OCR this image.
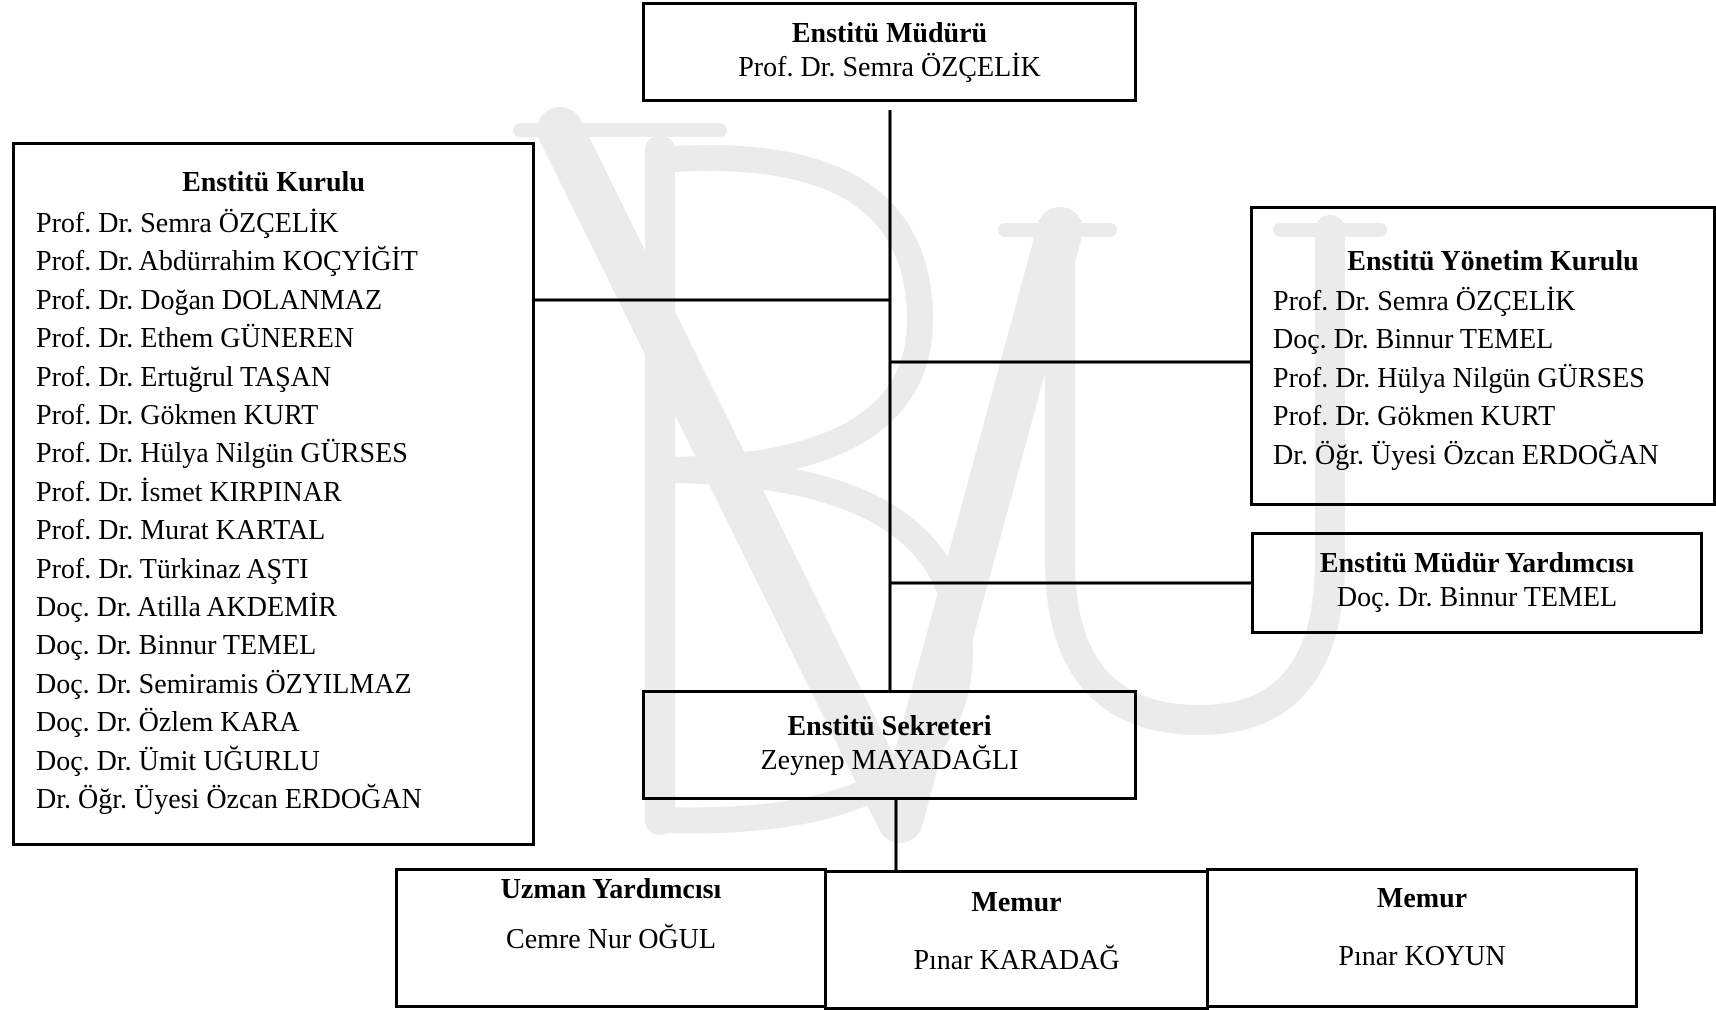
Enstitü Müdürü
Prof. Dr. Semra ÖZÇELİK
Enstitü Kurulu
Prof. Dr. Semra ÖZÇELİK
Prof. Dr. Abdürrahim KOÇYİĞİT
Prof. Dr. Doğan DOLANMAZ
Prof. Dr. Ethem GÜNEREN
Prof. Dr. Ertuğrul TAŞAN
Prof. Dr. Gökmen KURT
Prof. Dr. Hülya Nilgün GÜRSES
Prof. Dr. İsmet KIRPINAR
Prof. Dr. Murat KARTAL
Prof. Dr. Türkinaz AŞTI
Doç. Dr. Atilla AKDEMİR
Doç. Dr. Binnur TEMEL
Doç. Dr. Semiramis ÖZYILMAZ
Doç. Dr. Özlem KARA
Doç. Dr. Ümit UĞURLU
Dr. Öğr. Üyesi Özcan ERDOĞAN
Enstitü Yönetim Kurulu
Prof. Dr. Semra ÖZÇELİK
Doç. Dr. Binnur TEMEL
Prof. Dr. Hülya Nilgün GÜRSES
Prof. Dr. Gökmen KURT
Dr. Öğr. Üyesi Özcan ERDOĞAN
Enstitü Müdür Yardımcısı
Doç. Dr. Binnur TEMEL
Enstitü Sekreteri
Zeynep MAYADAĞLI
Uzman Yardımcısı
Cemre Nur OĞUL
Memur
Pınar KARADAĞ
Memur
Pınar KOYUN
